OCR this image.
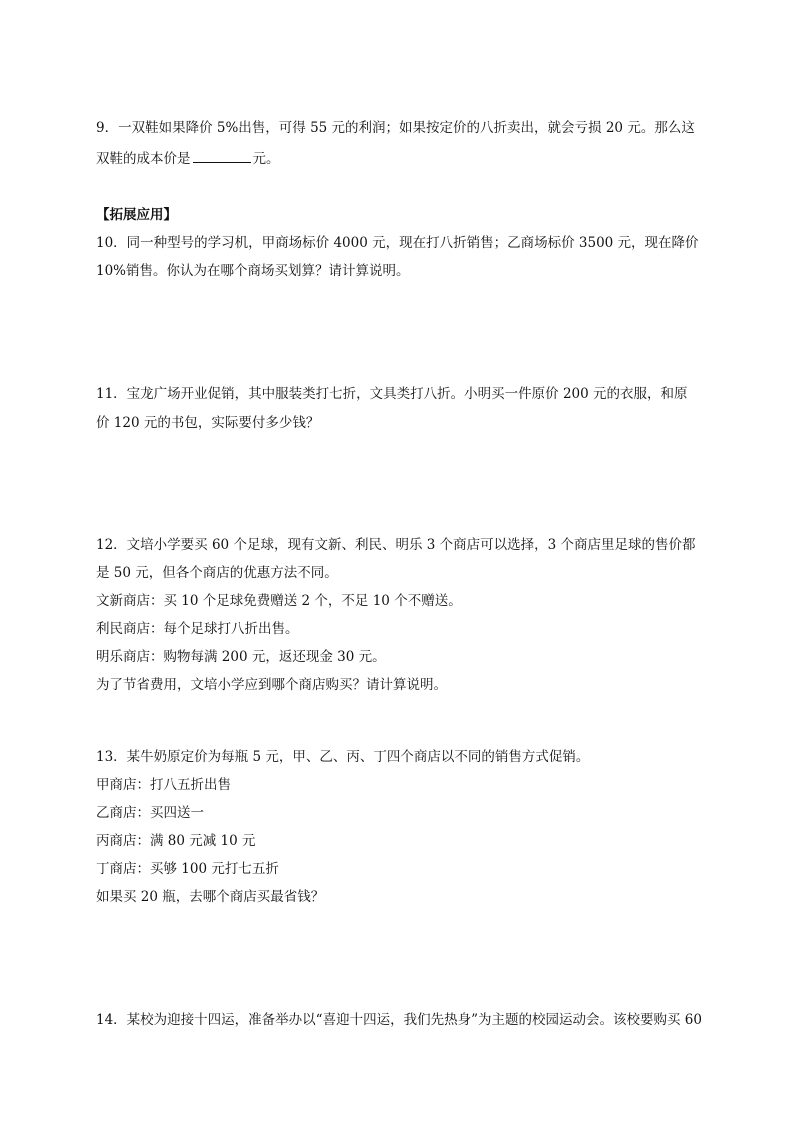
9．一双鞋如果降价 5%出售，可得 55 元的利润；如果按定价的八折卖出，就会亏损 20 元。那么这
双鞋的成本价是	元。
【拓展应用】
10．同一种型号的学习机，甲商场标价 4000 元，现在打八折销售；乙商场标价 3500 元，现在降价
10%销售。你认为在哪个商场买划算？请计算说明。
11．宝龙广场开业促销，其中服装类打七折，文具类打八折。小明买一件原价 200 元的衣服，和原
价 120 元的书包，实际要付多少钱？
12．文培小学要买 60 个足球，现有文新、利民、明乐 3 个商店可以选择，3 个商店里足球的售价都
是 50 元，但各个商店的优惠方法不同。
文新商店：买 10 个足球免费赠送 2 个，不足 10 个不赠送。
利民商店：每个足球打八折出售。
明乐商店：购物每满 200 元，返还现金 30 元。
为了节省费用，文培小学应到哪个商店购买？请计算说明。
13．某牛奶原定价为每瓶 5 元，甲、乙、丙、丁四个商店以不同的销售方式促销。
甲商店：打八五折出售
乙商店：买四送一
丙商店：满 80 元减 10 元
丁商店：买够 100 元打七五折
如果买 20 瓶，去哪个商店买最省钱？
14．某校为迎接十四运，准备举办以“喜迎十四运，我们先热身”为主题的校园运动会。该校要购买 60
